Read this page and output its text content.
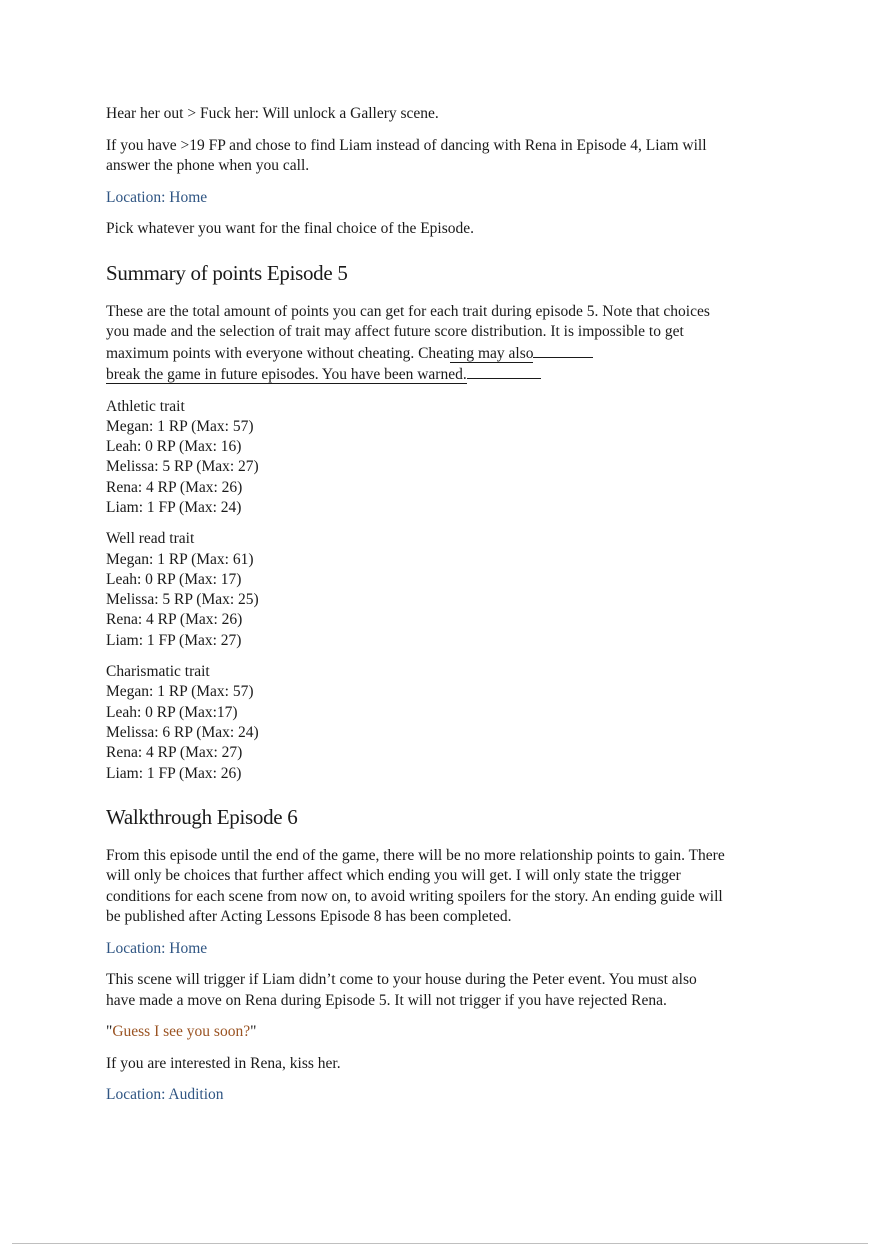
Hear her out > Fuck her: Will unlock a Gallery scene.

If you have >19 FP and chose to find Liam instead of dancing with Rena in Episode 4, Liam will answer the phone when you call.

Location: Home

Pick whatever you want for the final choice of the Episode.

Summary of points Episode 5

These are the total amount of points you can get for each trait during episode 5. Note that choices you made and the selection of trait may affect future score distribution. It is impossible to get maximum points with everyone without cheating. Cheating may also
break the game in future episodes. You have been warned.

Athletic trait

Megan: 1 RP (Max: 57)

Leah: 0 RP (Max: 16)

Melissa: 5 RP (Max: 27)

Rena: 4 RP (Max: 26)

Liam: 1 FP (Max: 24)

Well read trait

Megan: 1 RP (Max: 61)

Leah: 0 RP (Max: 17)

Melissa: 5 RP (Max: 25)

Rena: 4 RP (Max: 26)

Liam: 1 FP (Max: 27)

Charismatic trait

Megan: 1 RP (Max: 57)

Leah: 0 RP (Max:17)

Melissa: 6 RP (Max: 24)

Rena: 4 RP (Max: 27)

Liam: 1 FP (Max: 26)

Walkthrough Episode 6

From this episode until the end of the game, there will be no more relationship points to gain. There will only be choices that further affect which ending you will get. I will only state the trigger conditions for each scene from now on, to avoid writing spoilers for the story. An ending guide will be published after Acting Lessons Episode 8 has been completed.

Location: Home

This scene will trigger if Liam didn’t come to your house during the Peter event. You must also have made a move on Rena during Episode 5. It will not trigger if you have rejected Rena.

"Guess I see you soon?"

If you are interested in Rena, kiss her.

Location: Audition
